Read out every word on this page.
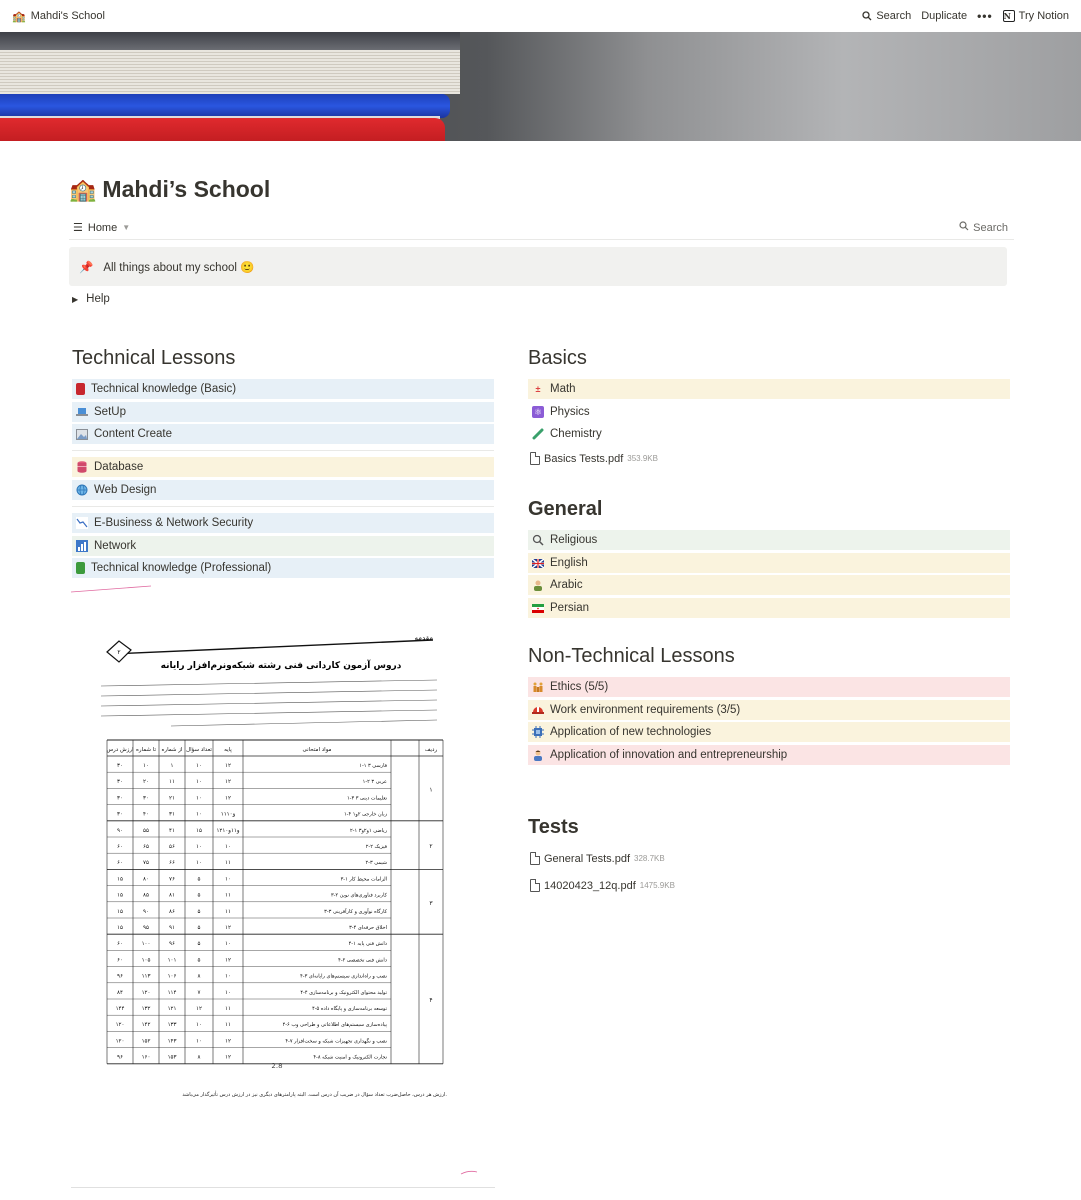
🏫 Mahdi's School	Search Duplicate ••• N Try Notion
🏫 Mahdi’s School
☰ Home ▼	Search
📌 All things about my school 🙂
▶ Help
Technical Lessons
Technical knowledge (Basic)
SetUp
Content Create
Database
Web Design
E-Business & Network Security
Network
Technical knowledge (Professional)
Basics
± Math
⚛ Physics
Chemistry
Basics Tests.pdf 353.9KB
General
Religious
English
Arabic
Persian
Non-Technical Lessons
Ethics (5/5)
Work environment requirements (3/5)
Application of new technologies
Application of innovation and entrepreneurship
Tests
General Tests.pdf 328.7KB
14020423_12q.pdf 1475.9KB
۲
مقدمه
دروس آزمون کاردانی فنی رشته شبکه‌ونرم‌افزار رایانه
ردیف
مواد امتحانی
پایه
تعداد سؤال
از شماره
تا شماره
ارزش درس
۱-۱ فارسی ۳
۱۲
۱۰
۱
۱۰
۳۰
۱-۲ عربی ۳
۱۲
۱۰
۱۱
۲۰
۳۰
۱-۳ تعلیمات دینی ۳
۱۲
۱۰
۲۱
۳۰
۳۰
۱-۴ زبان خارجی ۲و۱
۱۱و۱۰
۱۰
۳۱
۴۰
۳۰
۲-۱ ریاضی ۱و۲و۳
۱۲و۱۱و۱۰
۱۵
۴۱
۵۵
۹۰
۲-۲ فیزیک
۱۰
۱۰
۵۶
۶۵
۶۰
۲-۳ شیمی
۱۱
۱۰
۶۶
۷۵
۶۰
۳-۱ الزامات محیط کار
۱۰
۵
۷۶
۸۰
۱۵
۳-۲ کاربرد فناوری‌های نوین
۱۱
۵
۸۱
۸۵
۱۵
۳-۳ کارگاه نوآوری و کارآفرینی
۱۱
۵
۸۶
۹۰
۱۵
۳-۴ اخلاق حرفه‌ای
۱۲
۵
۹۱
۹۵
۱۵
۴-۱ دانش فنی پایه
۱۰
۵
۹۶
۱۰۰
۶۰
۴-۲ دانش فنی تخصصی
۱۲
۵
۱۰۱
۱۰۵
۶۰
۴-۳ نصب و راه‌اندازی سیستم‌های رایانه‌ای
۱۰
۸
۱۰۶
۱۱۳
۹۶
۴-۴ تولید محتوای الکترونیک و برنامه‌سازی
۱۰
۷
۱۱۴
۱۲۰
۸۴
۴-۵ توسعه برنامه‌سازی و پایگاه داده
۱۱
۱۲
۱۲۱
۱۳۲
۱۴۴
۴-۶ پیاده‌سازی سیستم‌های اطلاعاتی و طراحی وب
۱۱
۱۰
۱۳۳
۱۴۲
۱۲۰
۴-۷ نصب و نگهداری تجهیزات شبکه و سخت‌افزار
۱۲
۱۰
۱۴۳
۱۵۲
۱۲۰
۴-۸ تجارت الکترونیک و امنیت شبکه
۱۲
۸
۱۵۳
۱۶۰
۹۶
۱
۲
۳
۴
2.8
ارزش هر درس، حاصل‌ضرب تعداد سؤال در ضریب آن درس است. البته پارامترهای دیگری نیز در ارزش درس تأثیرگذار می‌باشد.
